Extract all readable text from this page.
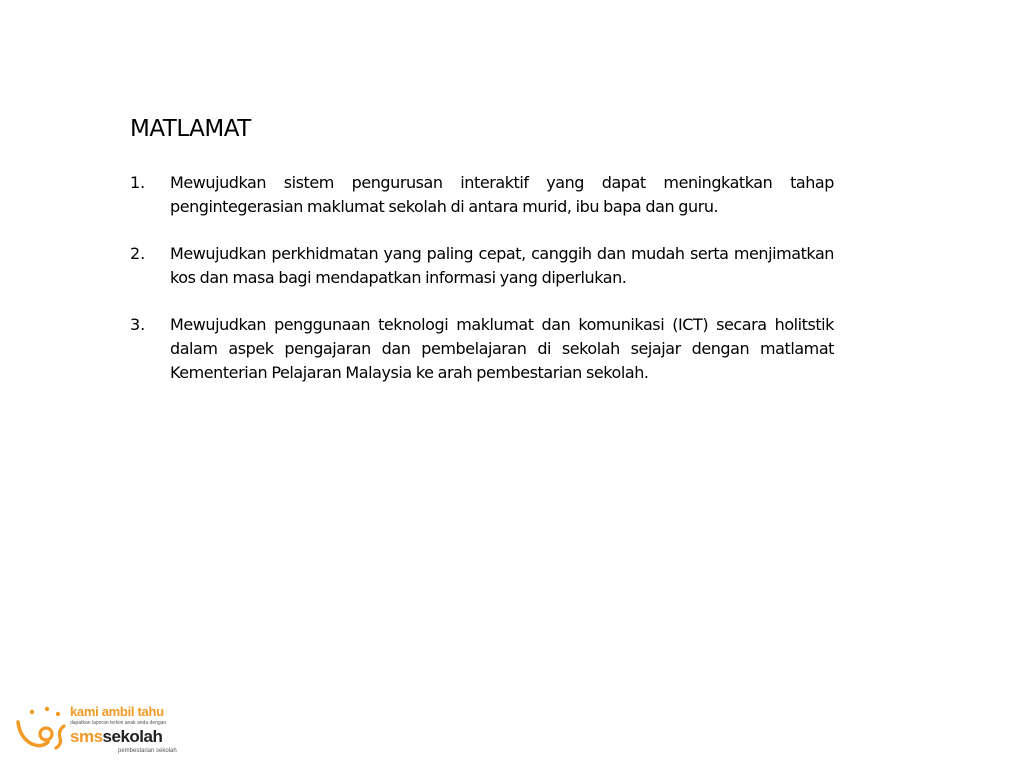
MATLAMAT
1. Mewujudkan sistem pengurusan interaktif yang dapat meningkatkan tahap pengintegerasian maklumat sekolah di antara murid, ibu bapa dan guru.
2. Mewujudkan perkhidmatan yang paling cepat, canggih dan mudah serta menjimatkan kos dan masa bagi mendapatkan informasi yang diperlukan.
3. Mewujudkan penggunaan teknologi maklumat dan komunikasi (ICT) secara holitstik dalam aspek pengajaran dan pembelajaran di sekolah sejajar dengan matlamat Kementerian Pelajaran Malaysia ke arah pembestarian sekolah.
kami ambil tahu
dapatkan laporan terkini anak anda dengan
smssekolah
pembestarian sekolah
